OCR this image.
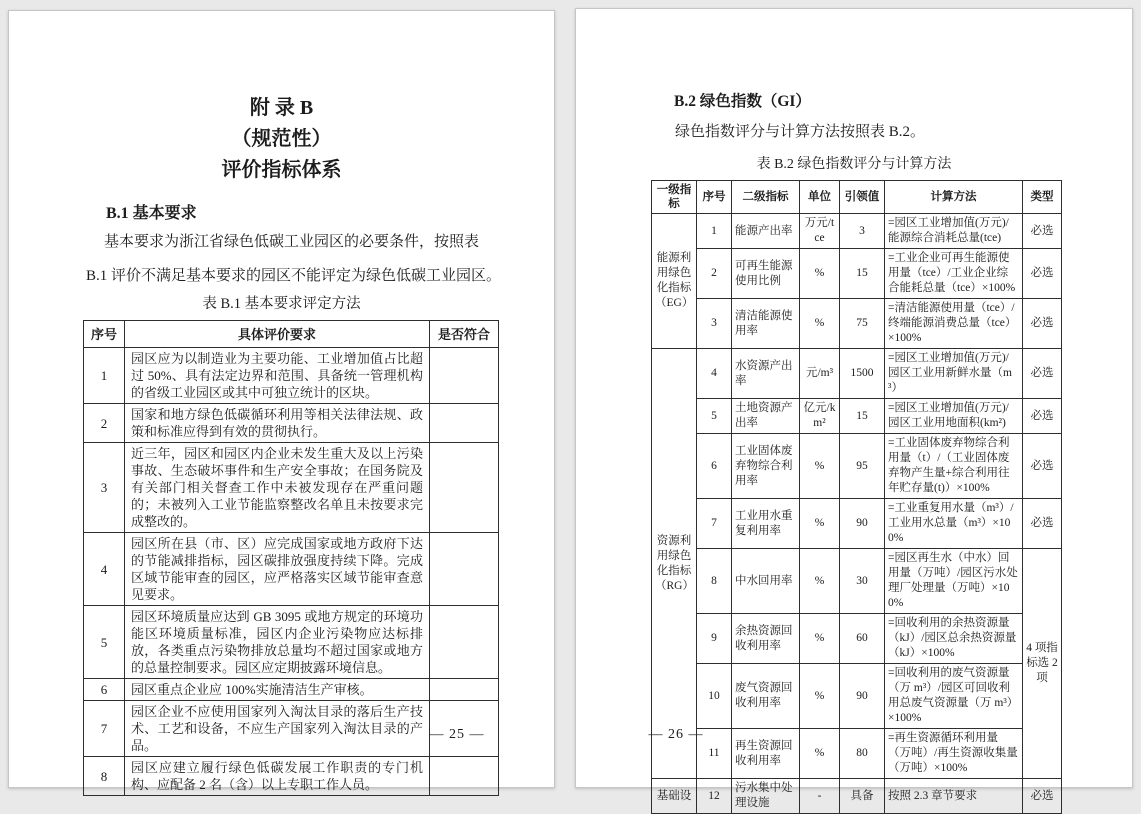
附 录 B
（规范性）
评价指标体系
B.1 基本要求
基本要求为浙江省绿色低碳工业园区的必要条件，按照表
B.1 评价不满足基本要求的园区不能评定为绿色低碳工业园区。
表 B.1 基本要求评定方法
序号	具体评价要求	是否符合
1	园区应为以制造业为主要功能、工业增加值占比超过 50%、具有法定边界和范围、具备统一管理机构的省级工业园区或其中可独立统计的区块。	
2	国家和地方绿色低碳循环利用等相关法律法规、政策和标准应得到有效的贯彻执行。	
3	近三年，园区和园区内企业未发生重大及以上污染事故、生态破坏事件和生产安全事故；在国务院及有关部门相关督查工作中未被发现存在严重问题的；未被列入工业节能监察整改名单且未按要求完成整改的。	
4	园区所在县（市、区）应完成国家或地方政府下达的节能减排指标，园区碳排放强度持续下降。完成区域节能审查的园区，应严格落实区域节能审查意见要求。	
5	园区环境质量应达到 GB 3095 或地方规定的环境功能区环境质量标准，园区内企业污染物应达标排放，各类重点污染物排放总量均不超过国家或地方的总量控制要求。园区应定期披露环境信息。	
6	园区重点企业应 100%实施清洁生产审核。	
7	园区企业不应使用国家列入淘汰目录的落后生产技术、工艺和设备，不应生产国家列入淘汰目录的产品。	
8	园区应建立履行绿色低碳发展工作职责的专门机构、应配备 2 名（含）以上专职工作人员。	
— 25 —
B.2 绿色指数（GI）
绿色指数评分与计算方法按照表 B.2。
表 B.2 绿色指数评分与计算方法
一级指标	序号	二级指标	单位	引领值	计算方法	类型
能源利用绿色化指标（EG）	1	能源产出率	万元/tce	3	=园区工业增加值(万元)/能源综合消耗总量(tce)	必选
	2	可再生能源使用比例	%	15	=工业企业可再生能源使用量（tce）/工业企业综合能耗总量（tce）×100%	必选
	3	清洁能源使用率	%	75	=清洁能源使用量（tce）/终端能源消费总量（tce）×100%	必选
资源利用绿色化指标（RG）	4	水资源产出率	元/m³	1500	=园区工业增加值(万元)/园区工业用新鲜水量（m³）	必选
	5	土地资源产出率	亿元/km²	15	=园区工业增加值(万元)/园区工业用地面积(km²)	必选
	6	工业固体废弃物综合利用率	%	95	=工业固体废弃物综合利用量（t）/（工业固体废弃物产生量+综合利用往年贮存量(t)）×100%	必选
	7	工业用水重复利用率	%	90	=工业重复用水量（m³）/工业用水总量（m³）×100%	必选
	8	中水回用率	%	30	=园区再生水（中水）回用量（万吨）/园区污水处理厂处理量（万吨）×100%	4 项指标选 2 项
	9	余热资源回收利用率	%	60	=回收利用的余热资源量（kJ）/园区总余热资源量（kJ）×100%	
	10	废气资源回收利用率	%	90	=回收利用的废气资源量（万 m³）/园区可回收利用总废气资源量（万 m³）×100%	
	11	再生资源回收利用率	%	80	=再生资源循环利用量（万吨）/再生资源收集量（万吨）×100%	
基础设	12	污水集中处理设施	-	具备	按照 2.3 章节要求	必选
— 26 —
